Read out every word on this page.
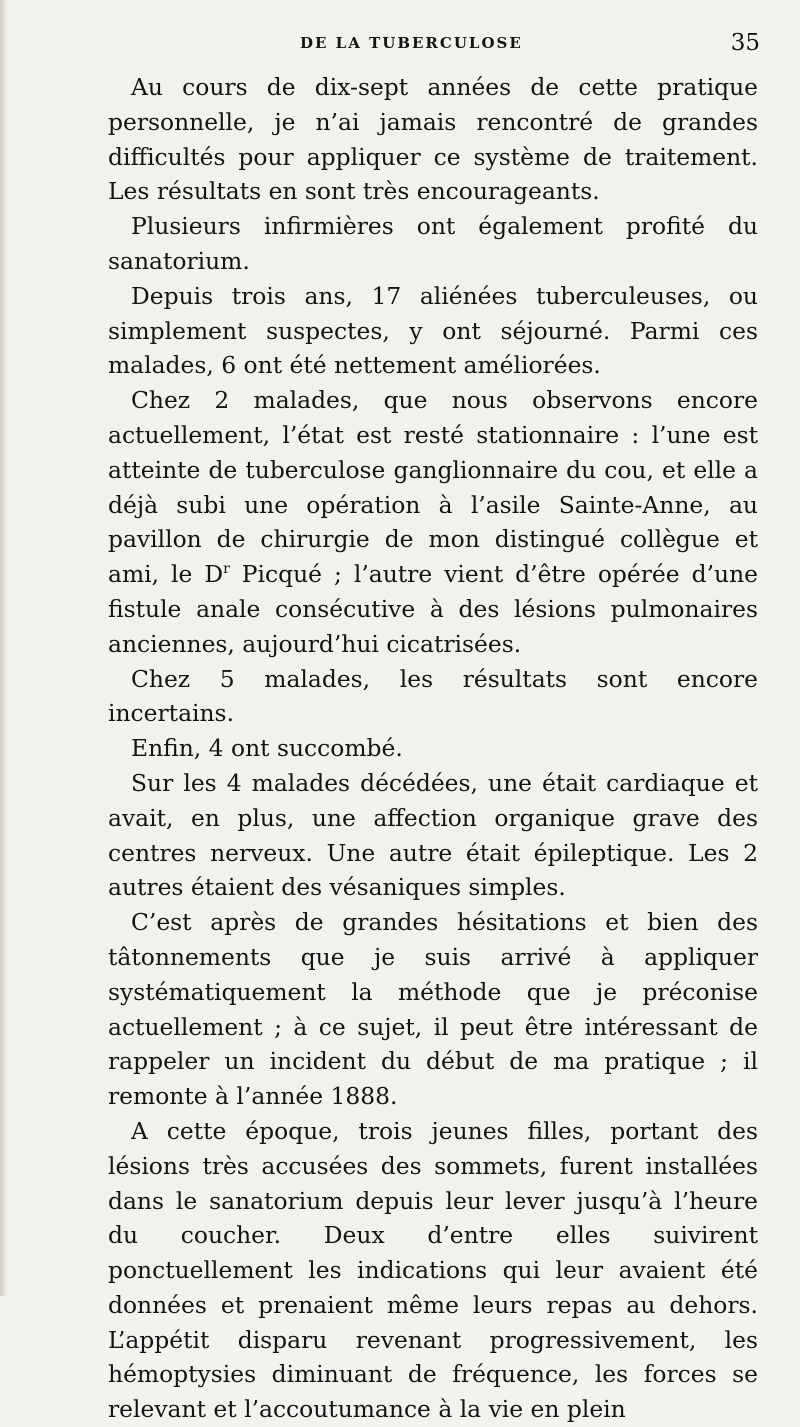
DE LA TUBERCULOSE	35

Au cours de dix-sept années de cette pratique personnelle, je n’ai jamais rencontré de grandes difficultés pour appliquer ce système de traitement. Les résultats en sont très encourageants.

Plusieurs infirmières ont également profité du sanatorium.

Depuis trois ans, 17 aliénées tuberculeuses, ou simplement suspectes, y ont séjourné. Parmi ces malades, 6 ont été nettement améliorées.

Chez 2 malades, que nous observons encore actuellement, l’état est resté stationnaire : l’une est atteinte de tuberculose ganglionnaire du cou, et elle a déjà subi une opération à l’asile Sainte-Anne, au pavillon de chirurgie de mon distingué collègue et ami, le $D^r$ Picqué ; l’autre vient d’être opérée d’une fistule anale consécutive à des lésions pulmonaires anciennes, aujourd’hui cicatrisées.

Chez 5 malades, les résultats sont encore incertains.

Enfin, 4 ont succombé.

Sur les 4 malades décédées, une était cardiaque et avait, en plus, une affection organique grave des centres nerveux. Une autre était épileptique. Les 2 autres étaient des vésaniques simples.

C’est après de grandes hésitations et bien des tâtonnements que je suis arrivé à appliquer systématiquement la méthode que je préconise actuellement ; à ce sujet, il peut être intéressant de rappeler un incident du début de ma pratique ; il remonte à l’année 1888.

A cette époque, trois jeunes filles, portant des lésions très accusées des sommets, furent installées dans le sanatorium depuis leur lever jusqu’à l’heure du coucher. Deux d’entre elles suivirent ponctuellement les indications qui leur avaient été données et prenaient même leurs repas au dehors. L’appétit disparu revenant progressivement, les hémoptysies diminuant de fréquence, les forces se relevant et l’accoutumance à la vie en plein
